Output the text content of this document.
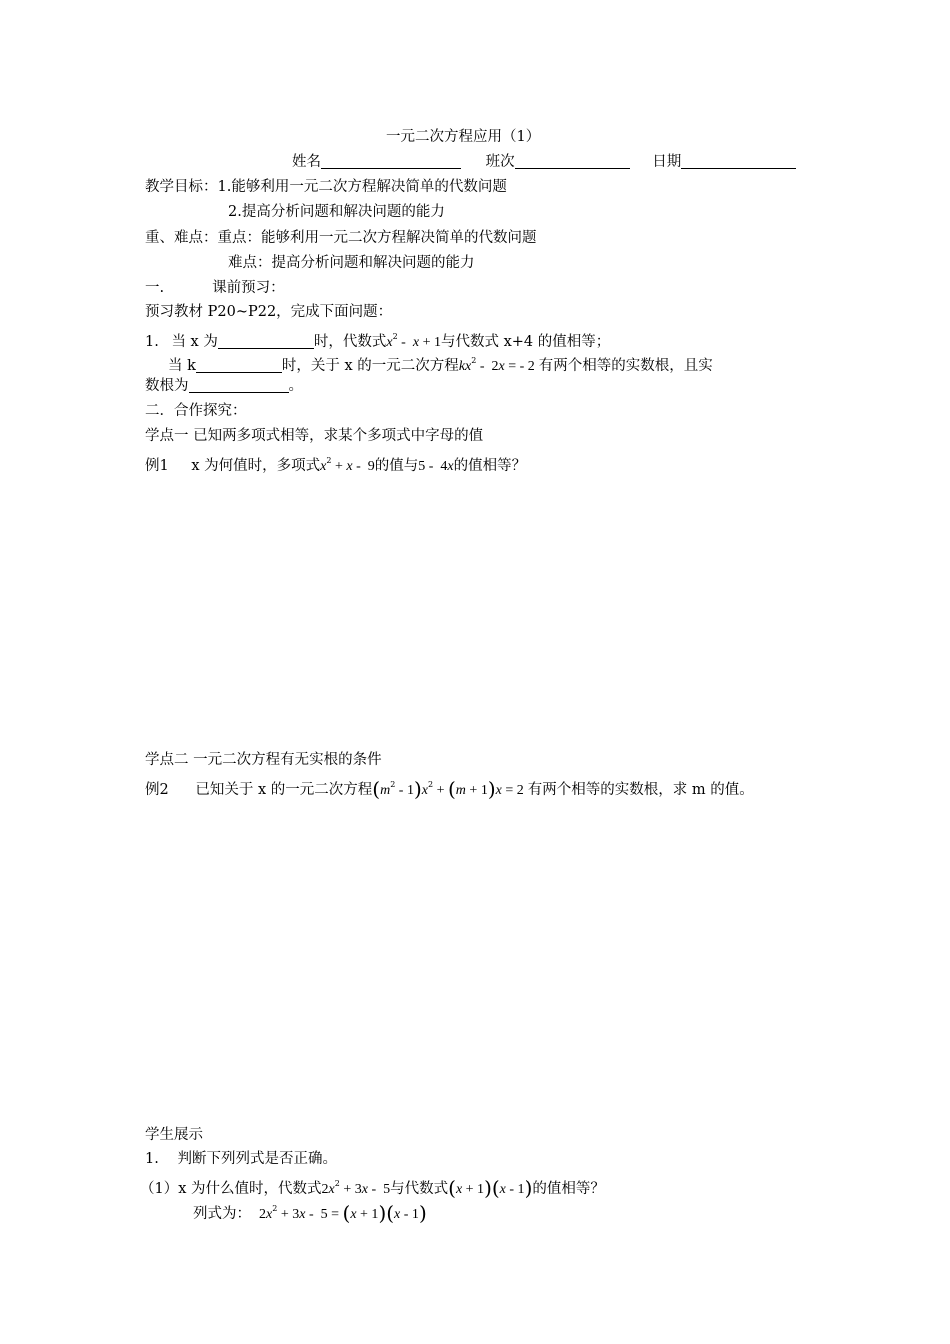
一元二次方程应用（1）
姓名	班次	日期
教学目标：1.能够利用一元二次方程解决简单的代数问题
2.提高分析问题和解决问题的能力
重、难点：重点：能够利用一元二次方程解决简单的代数问题
难点：提高分析问题和解决问题的能力
一.	课前预习：
预习教材 P20~P22，完成下面问题：
1. 当 x 为	时，代数式$x^2 - x + 1$与代数式 x+4 的值相等；
当 k	时，关于 x 的一元二次方程$kx^2 - 2x$ = - 2 有两个相等的实数根，且实
数根为	。
二．合作探究：
学点一 已知两多项式相等，求某个多项式中字母的值
例1 x 为何值时，多项式$x^2 + x - 9$的值与5 -  4x的值相等？
学点二 一元二次方程有无实根的条件
例2 已知关于 x 的一元二次方程$(m^2 - 1)x^2 + (m + 1)x = 2$ 有两个相等的实数根，求 m 的值。
学生展示
1. 判断下列列式是否正确。
（1）x 为什么值时，代数式$2x^2 + 3x - 5$与代数式(x + 1)(x - 1)的值相等？
列式为： $2x^2 + 3x - 5 = (x + 1)(x - 1)$
